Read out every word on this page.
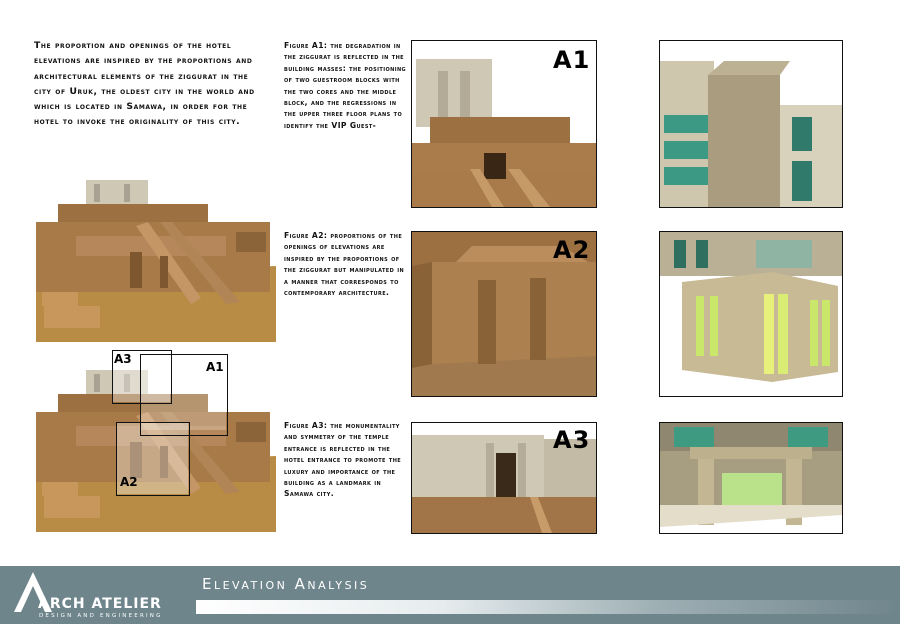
The proportion and openings of the hotel elevations are inspired by the proportions and architectural elements of the ziggurat in the city of Uruk, the oldest city in the world and which is located in Samawa, in order for the hotel to invoke the originality of this city.
A3
A1
A2
Figure A1: the degradation in the ziggurat is reflected in the building masses: the positioning of two guestroom blocks with the two cores and the middle block, and the regressions in the upper three floor plans to identify the VIP Guest-
Figure A2: proportions of the openings of elevations are inspired by the proportions of the ziggurat but manipulated in a manner that corresponds to contemporary architecture.
Figure A3: the monumentality and symmetry of the temple entrance is reflected in the hotel entrance to promote the luxury and importance of the building as a landmark in Samawa city.
A1
A2
A3
Elevation Analysis
ARCH ATELIER
DESIGN AND ENGINEERING
